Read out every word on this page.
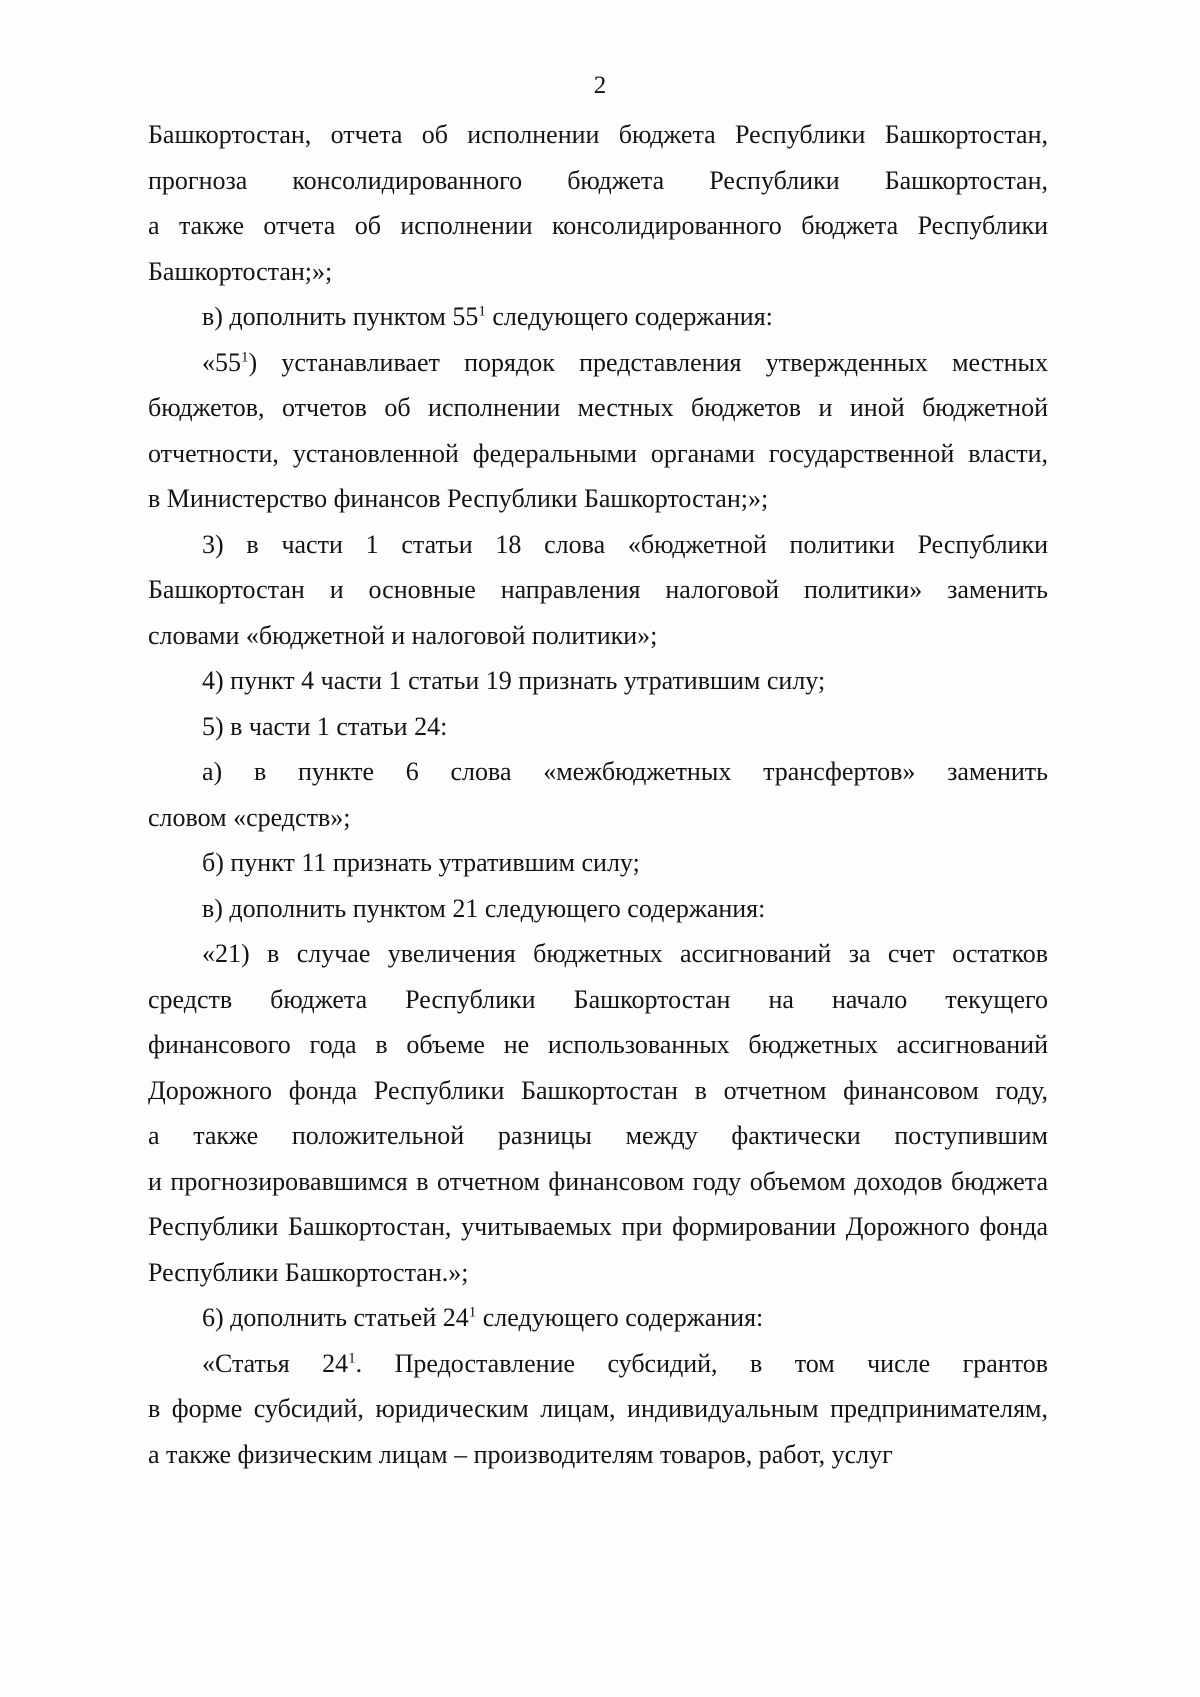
2
Башкортостан, отчета об исполнении бюджета Республики Башкортостан,
прогноза консолидированного бюджета Республики Башкортостан,
а также отчета об исполнении консолидированного бюджета Республики
Башкортостан;»;
в) дополнить пунктом $55^1$ следующего содержания:
«$55^1$) устанавливает порядок представления утвержденных местных
бюджетов, отчетов об исполнении местных бюджетов и иной бюджетной
отчетности, установленной федеральными органами государственной власти,
в Министерство финансов Республики Башкортостан;»;
3) в части 1 статьи 18 слова «бюджетной политики Республики
Башкортостан и основные направления налоговой политики» заменить
словами «бюджетной и налоговой политики»;
4) пункт 4 части 1 статьи 19 признать утратившим силу;
5) в части 1 статьи 24:
а) в пункте 6 слова «межбюджетных трансфертов» заменить
словом «средств»;
б) пункт 11 признать утратившим силу;
в) дополнить пунктом 21 следующего содержания:
«21) в случае увеличения бюджетных ассигнований за счет остатков
средств бюджета Республики Башкортостан на начало текущего
финансового года в объеме не использованных бюджетных ассигнований
Дорожного фонда Республики Башкортостан в отчетном финансовом году,
а также положительной разницы между фактически поступившим
и прогнозировавшимся в отчетном финансовом году объемом доходов бюджета
Республики Башкортостан, учитываемых при формировании Дорожного фонда
Республики Башкортостан.»;
6) дополнить статьей $24^1$ следующего содержания:
«Статья $24^1$. Предоставление субсидий, в том числе грантов
в форме субсидий, юридическим лицам, индивидуальным предпринимателям,
а также физическим лицам – производителям товаров, работ, услуг
